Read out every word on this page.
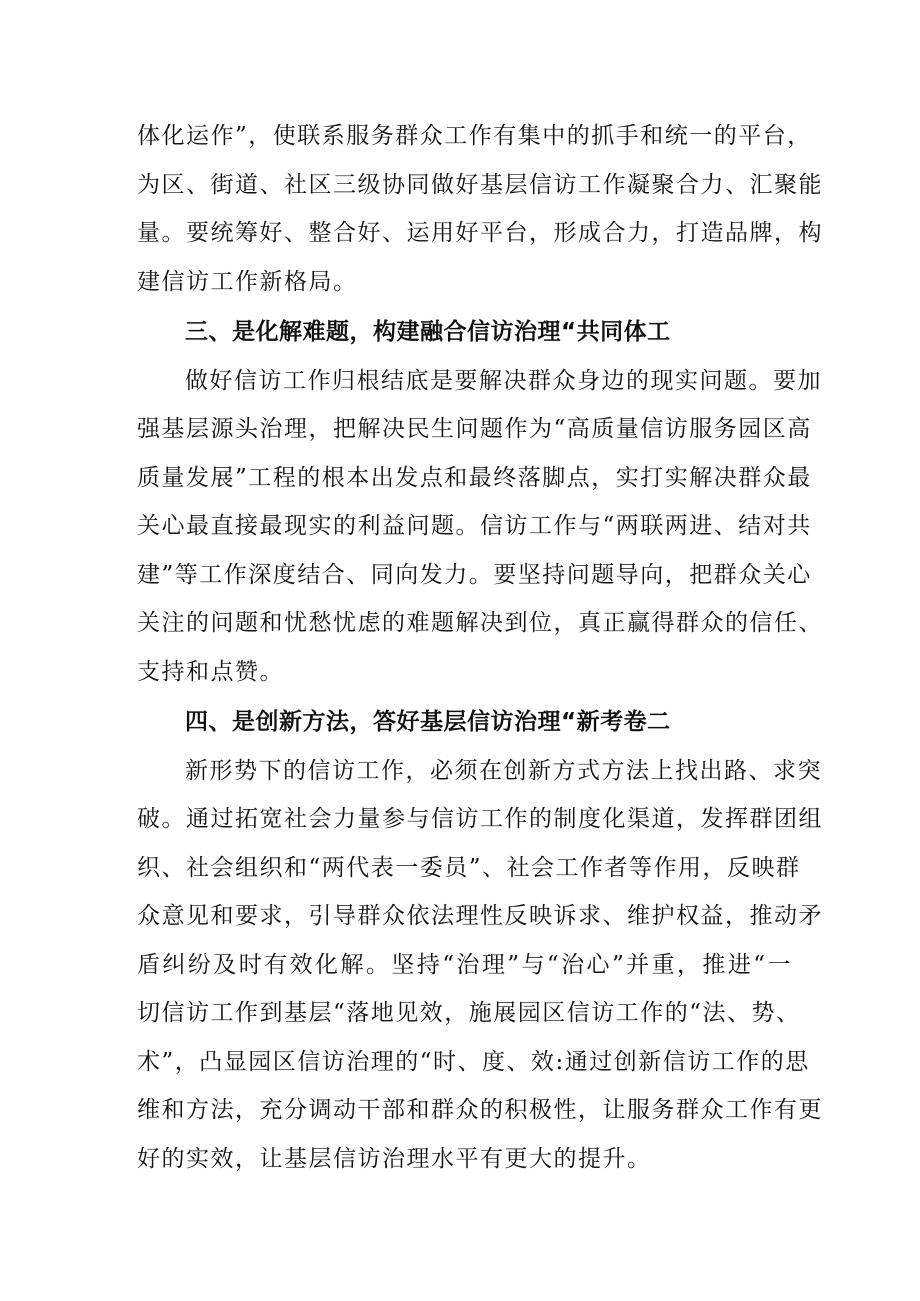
体化运作”，使联系服务群众工作有集中的抓手和统一的平台，
为区、街道、社区三级协同做好基层信访工作凝聚合力、汇聚能
量。要统筹好、整合好、运用好平台，形成合力，打造品牌，构
建信访工作新格局。

三、是化解难题，构建融合信访治理“共同体工

做好信访工作归根结底是要解决群众身边的现实问题。要加
强基层源头治理，把解决民生问题作为“高质量信访服务园区高
质量发展”工程的根本出发点和最终落脚点，实打实解决群众最
关心最直接最现实的利益问题。信访工作与“两联两进、结对共
建”等工作深度结合、同向发力。要坚持问题导向，把群众关心
关注的问题和忧愁忧虑的难题解决到位，真正赢得群众的信任、
支持和点赞。

四、是创新方法，答好基层信访治理“新考卷二

新形势下的信访工作，必须在创新方式方法上找出路、求突
破。通过拓宽社会力量参与信访工作的制度化渠道，发挥群团组
织、社会组织和“两代表一委员”、社会工作者等作用，反映群
众意见和要求，引导群众依法理性反映诉求、维护权益，推动矛
盾纠纷及时有效化解。坚持“治理”与“治心”并重，推进“一
切信访工作到基层“落地见效，施展园区信访工作的“法、势、
术”，凸显园区信访治理的“时、度、效:通过创新信访工作的思
维和方法，充分调动干部和群众的积极性，让服务群众工作有更
好的实效，让基层信访治理水平有更大的提升。
